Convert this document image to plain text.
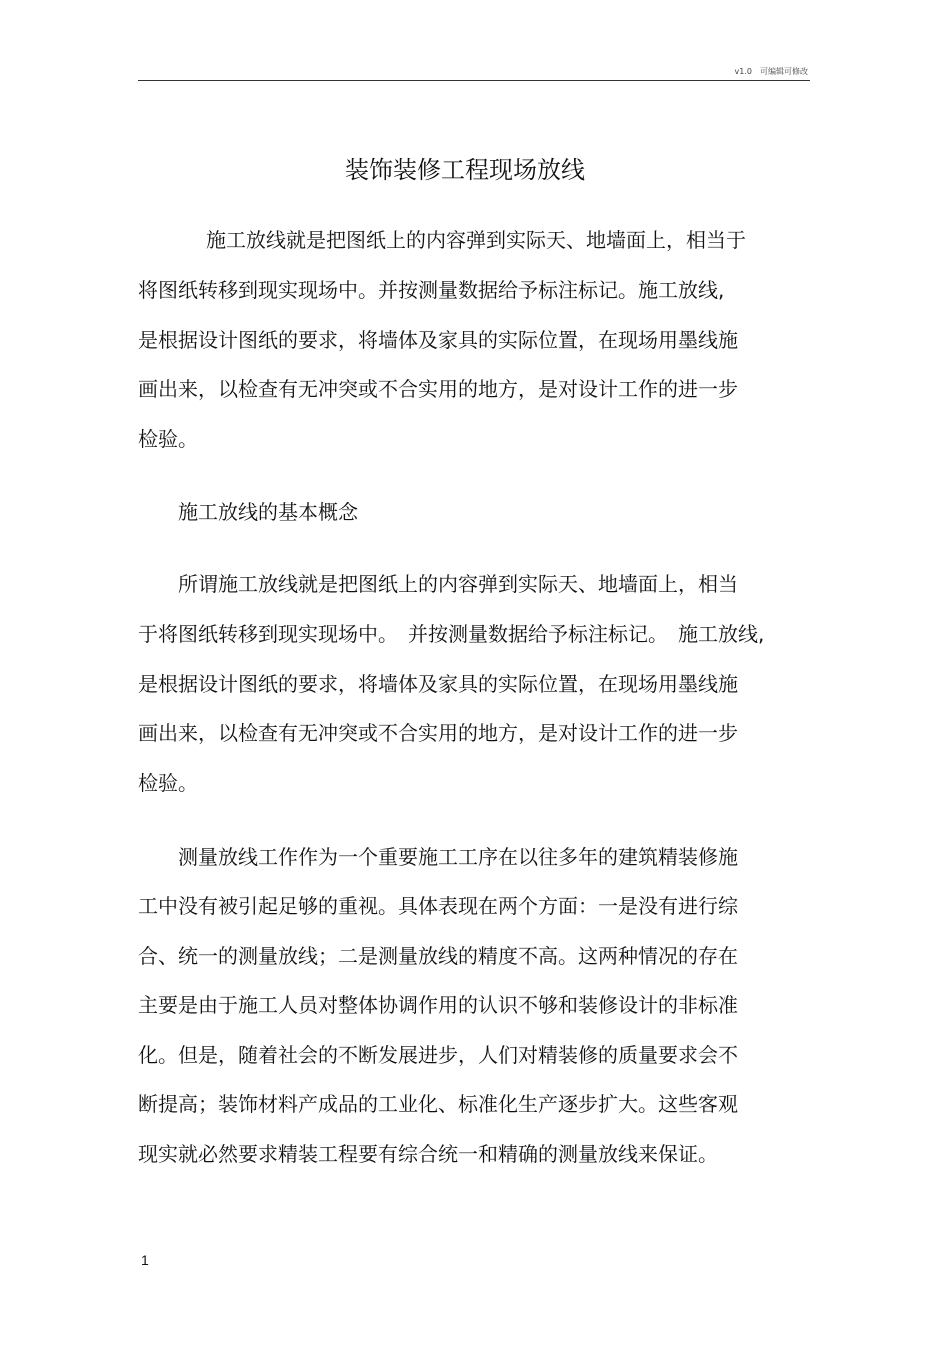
v1.0　可编辑可修改
装饰装修工程现场放线
施工放线就是把图纸上的内容弹到实际天、地墙面上，相当于
将图纸转移到现实现场中。并按测量数据给予标注标记。施工放线,
是根据设计图纸的要求，将墙体及家具的实际位置，在现场用墨线施
画出来，以检查有无冲突或不合实用的地方，是对设计工作的进一步
检验。
施工放线的基本概念
所谓施工放线就是把图纸上的内容弹到实际天、地墙面上，相当
于将图纸转移到现实现场中。　并按测量数据给予标注标记。　施工放线,
是根据设计图纸的要求，将墙体及家具的实际位置，在现场用墨线施
画出来，以检查有无冲突或不合实用的地方，是对设计工作的进一步
检验。
测量放线工作作为一个重要施工工序在以往多年的建筑精装修施
工中没有被引起足够的重视。具体表现在两个方面：一是没有进行综
合、统一的测量放线；二是测量放线的精度不高。这两种情况的存在
主要是由于施工人员对整体协调作用的认识不够和装修设计的非标准
化。但是，随着社会的不断发展进步，人们对精装修的质量要求会不
断提高；装饰材料产成品的工业化、标准化生产逐步扩大。这些客观
现实就必然要求精装工程要有综合统一和精确的测量放线来保证。
1
